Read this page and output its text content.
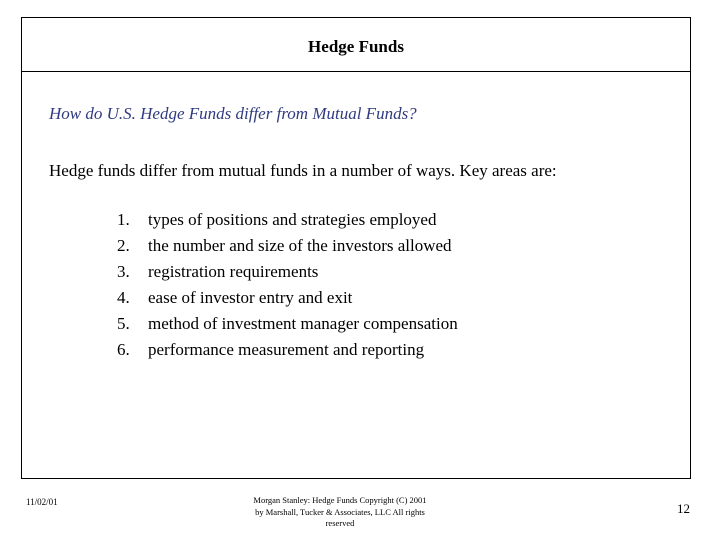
Hedge Funds
How do U.S. Hedge Funds differ from Mutual Funds?
Hedge funds differ from mutual funds in a number of ways. Key areas are:
1.	types of positions and strategies employed
2.	the number and size of the investors allowed
3.	registration requirements
4.	ease of investor entry and exit
5.	method of investment manager compensation
6.	performance measurement and reporting
11/02/01	Morgan Stanley: Hedge Funds Copyright (C) 2001
by Marshall, Tucker & Associates, LLC All rights
reserved
12
